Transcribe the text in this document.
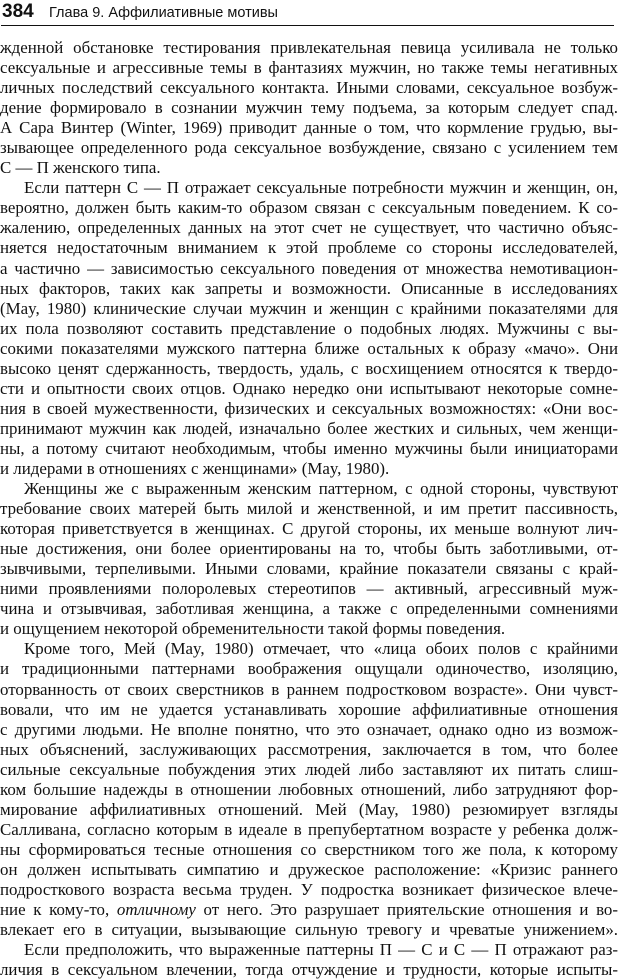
384 Глава 9. Аффилиативные мотивы
жденной обстановке тестирования привлекательная певица усиливала не только
сексуальные и агрессивные темы в фантазиях мужчин, но также темы негативных
личных последствий сексуального контакта. Иными словами, сексуальное возбуж-
дение формировало в сознании мужчин тему подъема, за которым следует спад.
А Сара Винтер (Winter, 1969) приводит данные о том, что кормление грудью, вы-
зывающее определенного рода сексуальное возбуждение, связано с усилением тем
С — П женского типа.
Если паттерн С — П отражает сексуальные потребности мужчин и женщин, он,
вероятно, должен быть каким-то образом связан с сексуальным поведением. К со-
жалению, определенных данных на этот счет не существует, что частично объяс-
няется недостаточным вниманием к этой проблеме со стороны исследователей,
а частично — зависимостью сексуального поведения от множества немотивацион-
ных факторов, таких как запреты и возможности. Описанные в исследованиях
(May, 1980) клинические случаи мужчин и женщин с крайними показателями для
их пола позволяют составить представление о подобных людях. Мужчины с вы-
сокими показателями мужского паттерна ближе остальных к образу «мачо». Они
высоко ценят сдержанность, твердость, удаль, с восхищением относятся к твердо-
сти и опытности своих отцов. Однако нередко они испытывают некоторые сомне-
ния в своей мужественности, физических и сексуальных возможностях: «Они вос-
принимают мужчин как людей, изначально более жестких и сильных, чем женщи-
ны, а потому считают необходимым, чтобы именно мужчины были инициаторами
и лидерами в отношениях с женщинами» (May, 1980).
Женщины же с выраженным женским паттерном, с одной стороны, чувствуют
требование своих матерей быть милой и женственной, и им претит пассивность,
которая приветствуется в женщинах. С другой стороны, их меньше волнуют лич-
ные достижения, они более ориентированы на то, чтобы быть заботливыми, от-
зывчивыми, терпеливыми. Иными словами, крайние показатели связаны с край-
ними проявлениями полоролевых стереотипов — активный, агрессивный муж-
чина и отзывчивая, заботливая женщина, а также с определенными сомнениями
и ощущением некоторой обременительности такой формы поведения.
Кроме того, Мей (May, 1980) отмечает, что «лица обоих полов с крайними
и традиционными паттернами воображения ощущали одиночество, изоляцию,
оторванность от своих сверстников в раннем подростковом возрасте». Они чувст-
вовали, что им не удается устанавливать хорошие аффилиативные отношения
с другими людьми. Не вполне понятно, что это означает, однако одно из возмож-
ных объяснений, заслуживающих рассмотрения, заключается в том, что более
сильные сексуальные побуждения этих людей либо заставляют их питать слиш-
ком большие надежды в отношении любовных отношений, либо затрудняют фор-
мирование аффилиативных отношений. Мей (May, 1980) резюмирует взгляды
Салливана, согласно которым в идеале в препубертатном возрасте у ребенка долж-
ны сформироваться тесные отношения со сверстником того же пола, к которому
он должен испытывать симпатию и дружеское расположение: «Кризис раннего
подросткового возраста весьма труден. У подростка возникает физическое влече-
ние к кому-то, отличному от него. Это разрушает приятельские отношения и во-
влекает его в ситуации, вызывающие сильную тревогу и чреватые унижением».
Если предположить, что выраженные паттерны П — С и С — П отражают раз-
личия в сексуальном влечении, тогда отчуждение и трудности, которые испыты-
